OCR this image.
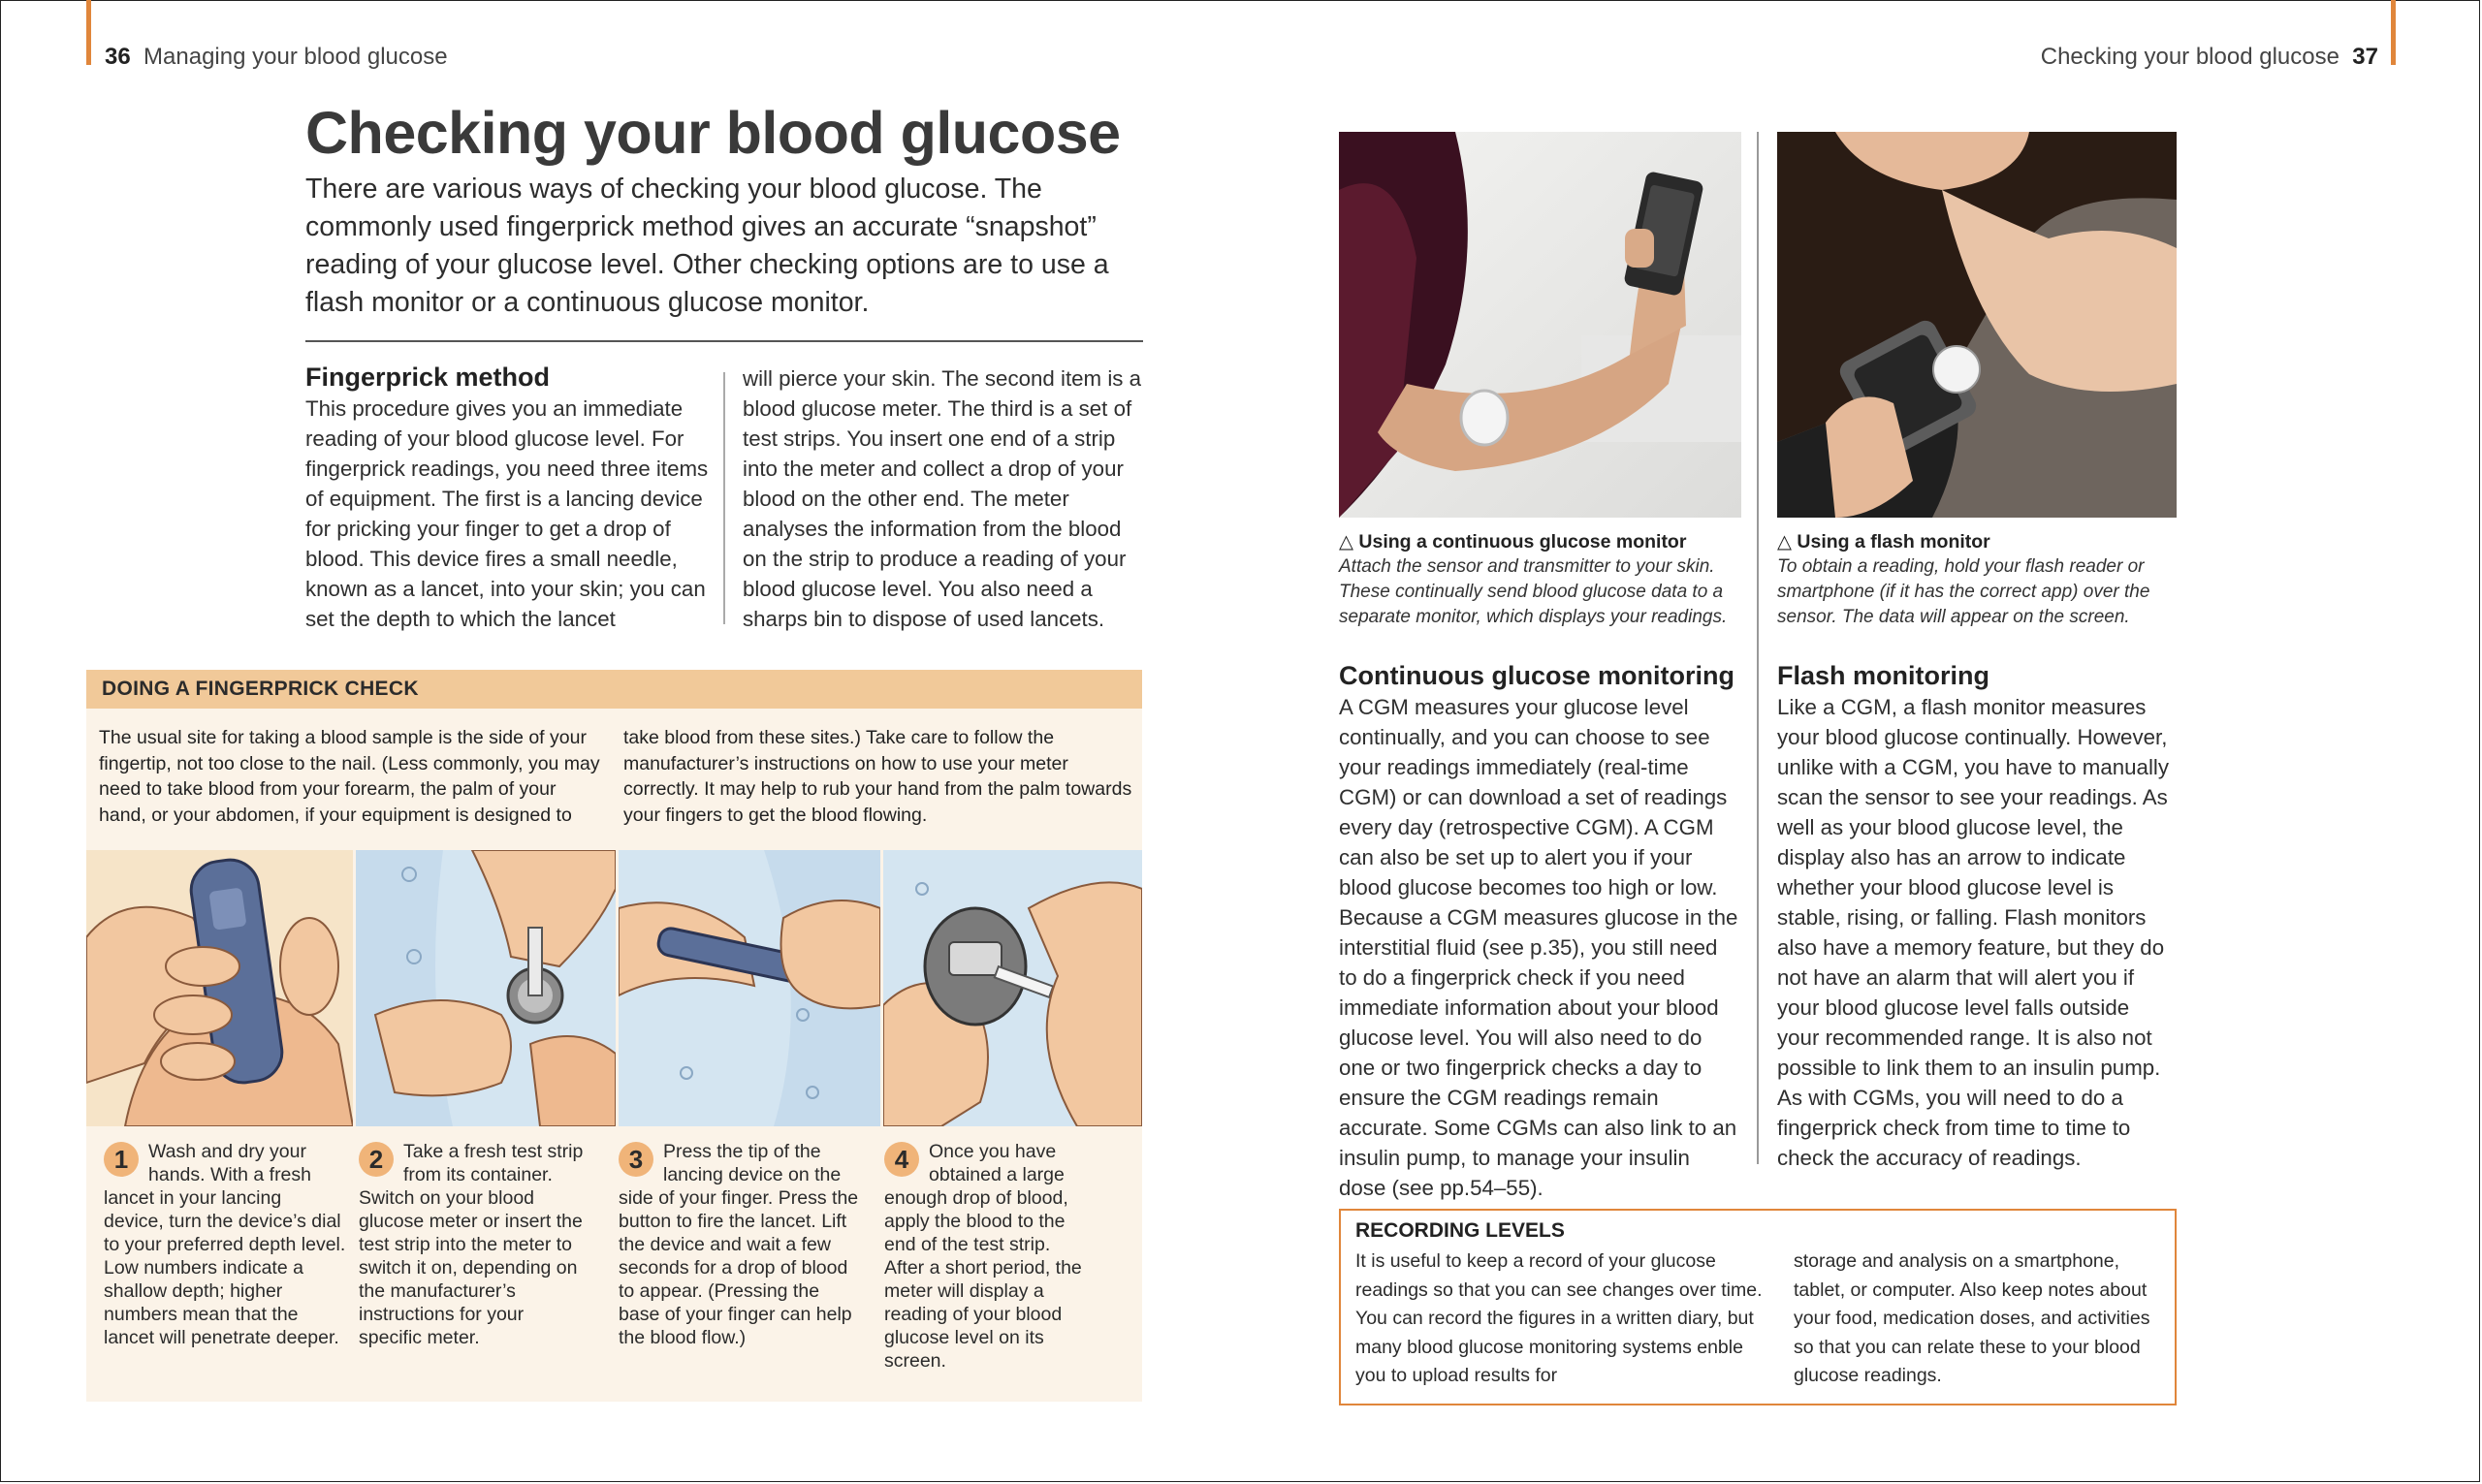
36 Managing your blood glucose
Checking your blood glucose

There are various ways of checking your blood glucose. The commonly used fingerprick method gives an accurate “snapshot” reading of your glucose level. Other checking options are to use a flash monitor or a continuous glucose monitor.

Fingerprick method

This procedure gives you an immediate reading of your blood glucose level. For fingerprick readings, you need three items of equipment. The first is a lancing device for pricking your finger to get a drop of blood. This device fires a small needle, known as a lancet, into your skin; you can set the depth to which the lancet

will pierce your skin. The second item is a blood glucose meter. The third is a set of test strips. You insert one end of a strip into the meter and collect a drop of your blood on the other end. The meter analyses the information from the blood on the strip to produce a reading of your blood glucose level. You also need a sharps bin to dispose of used lancets.

DOING A FINGERPRICK CHECK

The usual site for taking a blood sample is the side of your fingertip, not too close to the nail. (Less commonly, you may need to take blood from your forearm, the palm of your hand, or your abdomen, if your equipment is designed to

take blood from these sites.) Take care to follow the manufacturer’s instructions on how to use your meter correctly. It may help to rub your hand from the palm towards your fingers to get the blood flowing.

1	Wash and dry your hands. With a fresh lancet in your lancing device, turn the device’s dial to your preferred depth level. Low numbers indicate a shallow depth; higher numbers mean that the lancet will penetrate deeper.
2	Take a fresh test strip from its container. Switch on your blood glucose meter or insert the test strip into the meter to switch it on, depending on the manufacturer’s instructions for your specific meter.
3	Press the tip of the lancing device on the side of your finger. Press the button to fire the lancet. Lift the device and wait a few seconds for a drop of blood to appear. (Pressing the base of your finger can help the blood flow.)
4	Once you have obtained a large enough drop of blood, apply the blood to the end of the test strip. After a short period, the meter will display a reading of your blood glucose level on its screen.
Checking your blood glucose 37

△ Using a continuous glucose monitor

Attach the sensor and transmitter to your skin. These continually send blood glucose data to a separate monitor, which displays your readings.

△ Using a flash monitor

To obtain a reading, hold your flash reader or smartphone (if it has the correct app) over the sensor. The data will appear on the screen.

Continuous glucose monitoring

A CGM measures your glucose level continually, and you can choose to see your readings immediately (real-time CGM) or can download a set of readings every day (retrospective CGM). A CGM can also be set up to alert you if your blood glucose becomes too high or low. Because a CGM measures glucose in the interstitial fluid (see p.35), you still need to do a fingerprick check if you need immediate information about your blood glucose level. You will also need to do one or two fingerprick checks a day to ensure the CGM readings remain accurate. Some CGMs can also link to an insulin pump, to manage your insulin dose (see pp.54–55).

Flash monitoring

Like a CGM, a flash monitor measures your blood glucose continually. However, unlike with a CGM, you have to manually scan the sensor to see your readings. As well as your blood glucose level, the display also has an arrow to indicate whether your blood glucose level is stable, rising, or falling. Flash monitors also have a memory feature, but they do not have an alarm that will alert you if your blood glucose level falls outside your recommended range. It is also not possible to link them to an insulin pump. As with CGMs, you will need to do a fingerprick check from time to time to check the accuracy of readings.

RECORDING LEVELS

It is useful to keep a record of your glucose readings so that you can see changes over time. You can record the figures in a written diary, but many blood glucose monitoring systems enble you to upload results for

storage and analysis on a smartphone, tablet, or computer. Also keep notes about your food, medication doses, and activities so that you can relate these to your blood glucose readings.
